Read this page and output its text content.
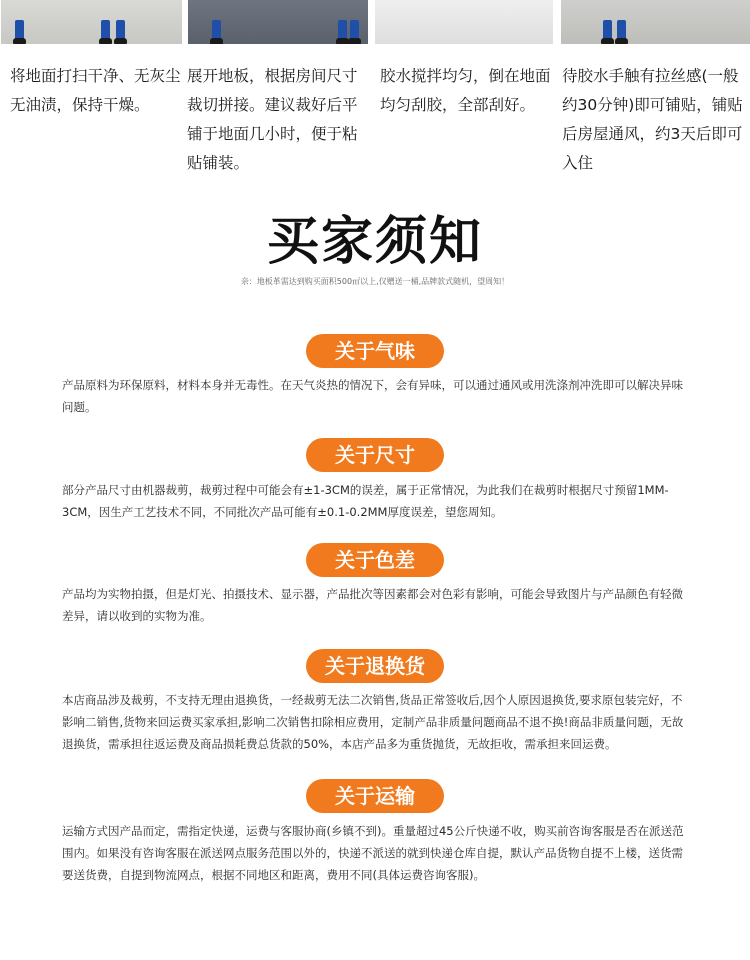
将地面打扫干净、无灰尘无油渍，保持干燥。
展开地板，根据房间尺寸裁切拼接。建议裁好后平铺于地面几小时，便于粘贴铺装。
胶水搅拌均匀，倒在地面均匀刮胶，全部刮好。
待胶水手触有拉丝感(一般约30分钟)即可铺贴，铺贴后房屋通风，约3天后即可入住
买家须知
亲：地板革需达到购买面积500㎡以上,仅赠送一桶,品牌款式随机，望周知！
关于气味
产品原料为环保原料，材料本身并无毒性。在天气炎热的情况下，会有异味，可以通过通风或用洗涤剂冲洗即可以解决异味问题。
关于尺寸
部分产品尺寸由机器裁剪，裁剪过程中可能会有±1-3CM的误差，属于正常情况，为此我们在裁剪时根据尺寸预留1MM-3CM，因生产工艺技术不同，不同批次产品可能有±0.1-0.2MM厚度误差，望您周知。
关于色差
产品均为实物拍摄，但是灯光、拍摄技术、显示器，产品批次等因素都会对色彩有影响，可能会导致图片与产品颜色有轻微差异，请以收到的实物为准。
关于退换货
本店商品涉及裁剪，不支持无理由退换货，一经裁剪无法二次销售,货品正常签收后,因个人原因退换货,要求原包装完好，不影响二销售,货物来回运费买家承担,影响二次销售扣除相应费用，定制产品非质量问题商品不退不换!商品非质量问题，无故退换货，需承担往返运费及商品损耗费总货款的50%，本店产品多为重货抛货，无故拒收，需承担来回运费。
关于运输
运输方式因产品而定，需指定快递，运费与客服协商(乡镇不到)。重量超过45公斤快递不收，购买前咨询客服是否在派送范围内。如果没有咨询客服在派送网点服务范围以外的，快递不派送的就到快递仓库自提，默认产品货物自提不上楼，送货需要送货费，自提到物流网点，根据不同地区和距离，费用不同(具体运费咨询客服)。
